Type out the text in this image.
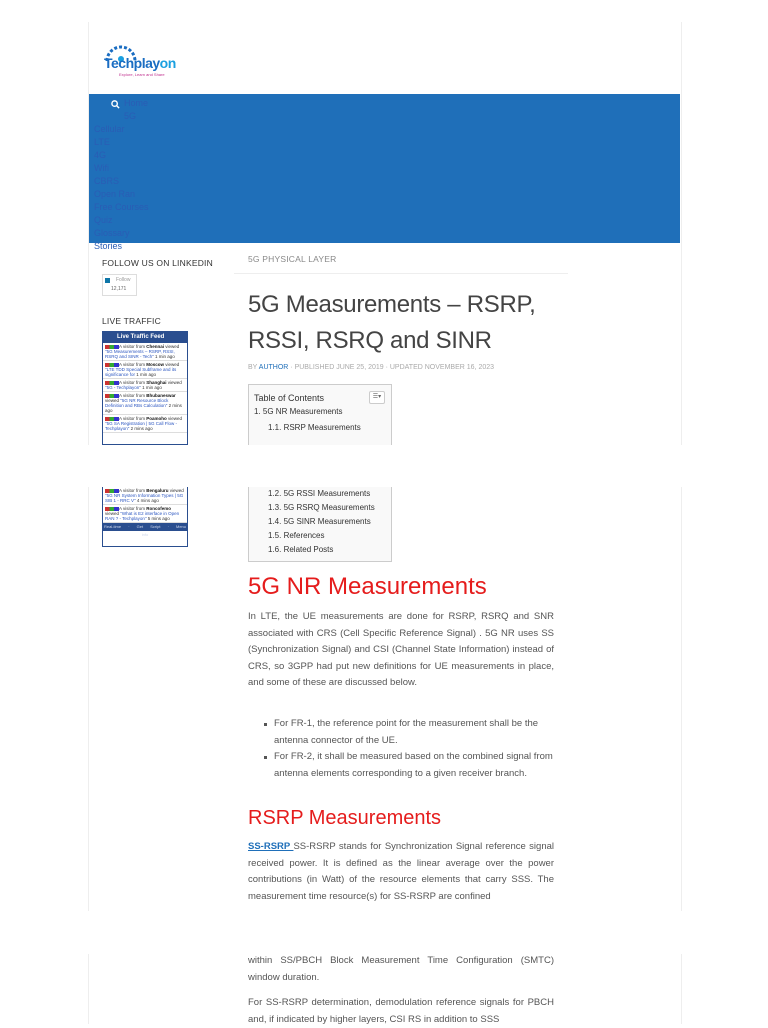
Techplayon
Explore, Learn and Share
Home
5G
Cellular
LTE
4G
Wifi
CBRS
Open Ran
Free Courses
Quiz
Glossary
Stories
FOLLOW US ON LINKEDIN
Follow
12,171
LIVE TRAFFIC
Live Traffic Feed
A visitor from Chennai viewed "5G Measurements – RSRP, RSSI, RSRQ and SINR - Tech" 1 min ago
A visitor from Moscow viewed "LTE TDD Special Subframe and its significance for 1 min ago
A visitor from Shanghai viewed "5G - Techplayon" 1 min ago
A visitor from Bhubaneswar viewed "5G NR Resource Block Definition and RBs Calculation" 2 mins ago
A visitor from Poamoho viewed "5G SA Registration | 5G Call Flow - Techplayon" 2 mins ago
A visitor from Bengaluru viewed "5G NR System Information Types | 5G SIB 1 - RRC V" 4 mins ago
A visitor from Roncofemo viewed "What is E2 interface in Open RAN ? - Techplayon" 5 mins ago
Real-time · Get Script · Menu info
5G PHYSICAL LAYER
5G Measurements – RSRP, RSSI, RSRQ and SINR
BY AUTHOR · PUBLISHED JUNE 25, 2019 · UPDATED NOVEMBER 16, 2023
Table of Contents	☰▾
1. 5G NR Measurements
1.1. RSRP Measurements
1.2. 5G RSSI Measurements
1.3. 5G RSRQ Measurements
1.4. 5G SINR Measurements
1.5. References
1.6. Related Posts
5G NR Measurements

In LTE, the UE measurements are done for RSRP, RSRQ and SNR associated with CRS (Cell Specific Reference Signal) . 5G NR uses SS (Synchronization Signal) and CSI (Channel State Information) instead of CRS, so 3GPP had put new definitions for UE measurements in place, and some of these are discussed below.

For FR-1, the reference point for the measurement shall be the antenna connector of the UE.
For FR-2, it shall be measured based on the combined signal from antenna elements corresponding to a given receiver branch.
RSRP Measurements

SS-RSRP SS-RSRP stands for Synchronization Signal reference signal received power. It is defined as the linear average over the power contributions (in Watt) of the resource elements that carry SSS. The measurement time resource(s) for SS-RSRP are confined

within SS/PBCH Block Measurement Time Configuration (SMTC) window duration.

For SS-RSRP determination, demodulation reference signals for PBCH and, if indicated by higher layers, CSI RS in addition to SSS
